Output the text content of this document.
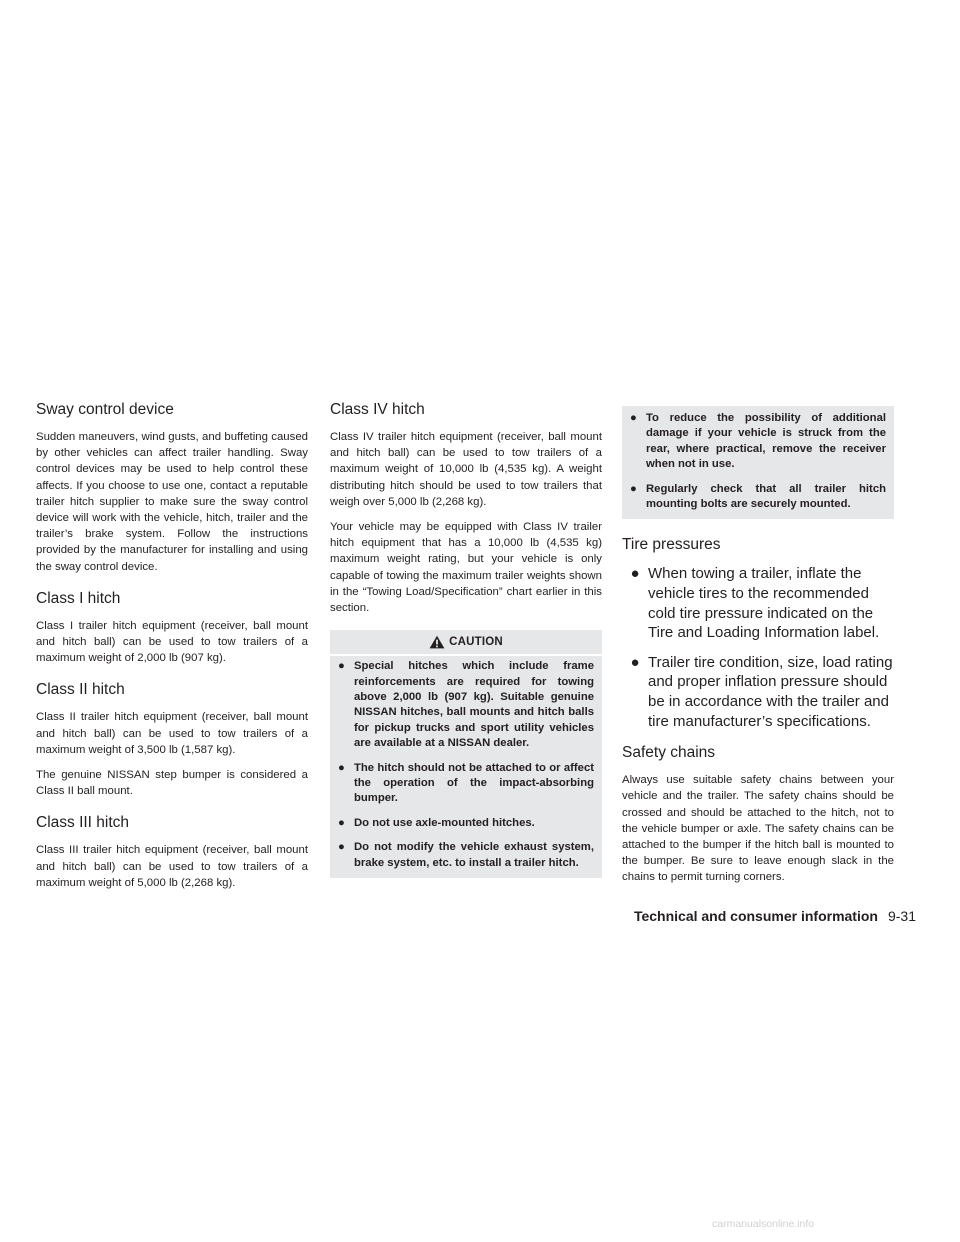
Sway control device

Sudden maneuvers, wind gusts, and buffeting caused by other vehicles can affect trailer handling. Sway control devices may be used to help control these affects. If you choose to use one, contact a reputable trailer hitch supplier to make sure the sway control device will work with the vehicle, hitch, trailer and the trailer’s brake system. Follow the instructions provided by the manufacturer for installing and using the sway control device.

Class I hitch

Class I trailer hitch equipment (receiver, ball mount and hitch ball) can be used to tow trailers of a maximum weight of 2,000 lb (907 kg).

Class II hitch

Class II trailer hitch equipment (receiver, ball mount and hitch ball) can be used to tow trailers of a maximum weight of 3,500 lb (1,587 kg).

The genuine NISSAN step bumper is considered a Class II ball mount.

Class III hitch

Class III trailer hitch equipment (receiver, ball mount and hitch ball) can be used to tow trailers of a maximum weight of 5,000 lb (2,268 kg).

Class IV hitch

Class IV trailer hitch equipment (receiver, ball mount and hitch ball) can be used to tow trailers of a maximum weight of 10,000 lb (4,535 kg). A weight distributing hitch should be used to tow trailers that weigh over 5,000 lb (2,268 kg).

Your vehicle may be equipped with Class IV trailer hitch equipment that has a 10,000 lb (4,535 kg) maximum weight rating, but your vehicle is only capable of towing the maximum trailer weights shown in the “Towing Load/Specification” chart earlier in this section.

CAUTION
● Special hitches which include frame reinforcements are required for towing above 2,000 lb (907 kg). Suitable genuine NISSAN hitches, ball mounts and hitch balls for pickup trucks and sport utility vehicles are available at a NISSAN dealer.
● The hitch should not be attached to or affect the operation of the impact-absorbing bumper.
● Do not use axle-mounted hitches.
● Do not modify the vehicle exhaust system, brake system, etc. to install a trailer hitch.
● To reduce the possibility of additional damage if your vehicle is struck from the rear, where practical, remove the receiver when not in use.
● Regularly check that all trailer hitch mounting bolts are securely mounted.
Tire pressures
● When towing a trailer, inflate the vehicle tires to the recommended cold tire pressure indicated on the Tire and Loading Information label.
● Trailer tire condition, size, load rating and proper inflation pressure should be in accordance with the trailer and tire manufacturer’s specifications.
Safety chains

Always use suitable safety chains between your vehicle and the trailer. The safety chains should be crossed and should be attached to the hitch, not to the vehicle bumper or axle. The safety chains can be attached to the bumper if the hitch ball is mounted to the bumper. Be sure to leave enough slack in the chains to permit turning corners.

Technical and consumer information 9-31
carmanualsonline.info
